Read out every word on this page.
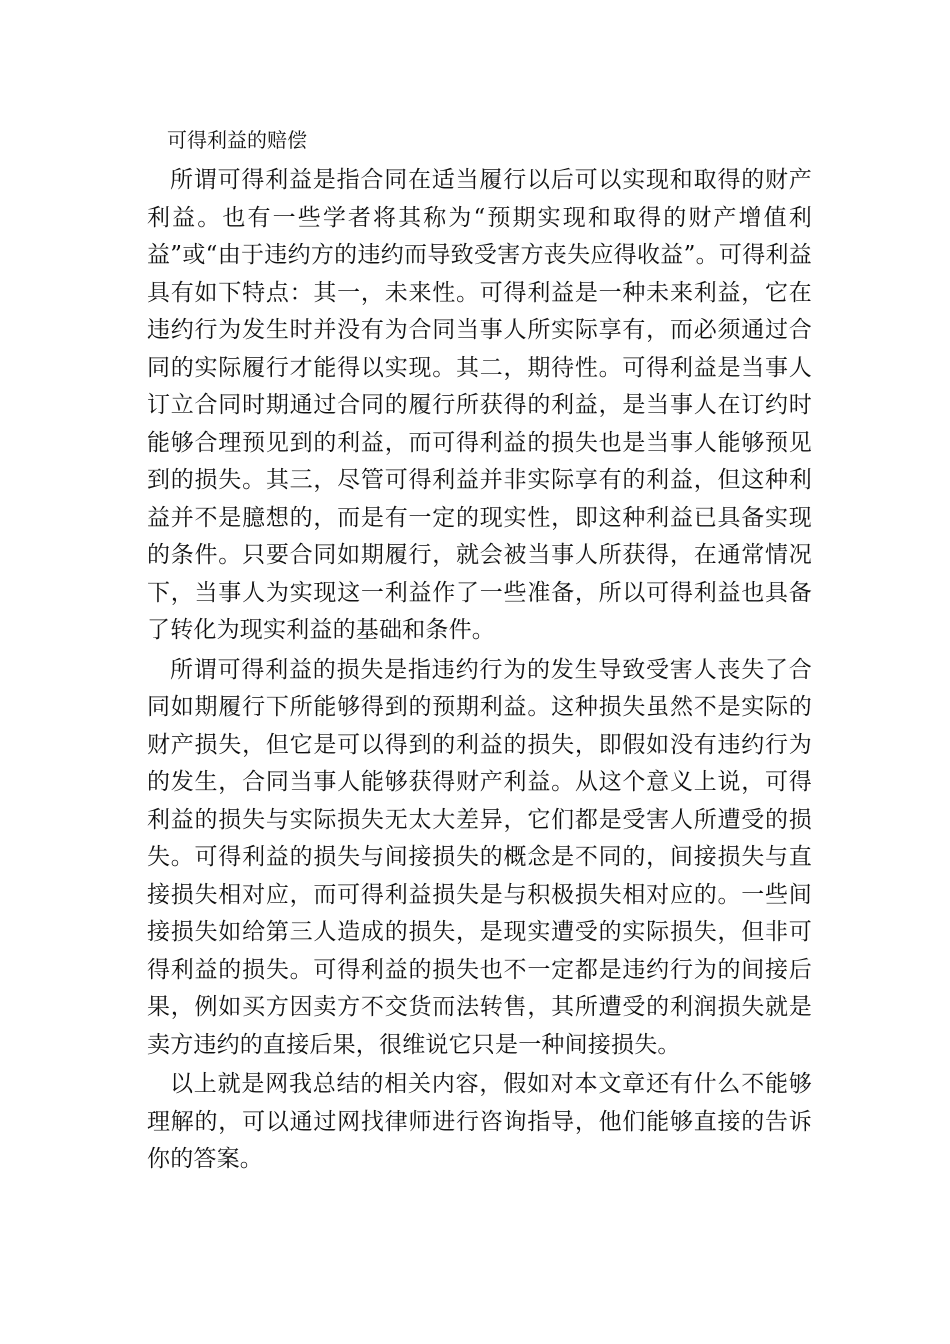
可得利益的赔偿

所谓可得利益是指合同在适当履行以后可以实现和取得的财产利益。也有一些学者将其称为“预期实现和取得的财产增值利益”或“由于违约方的违约而导致受害方丧失应得收益”。可得利益具有如下特点：其一，未来性。可得利益是一种未来利益，它在违约行为发生时并没有为合同当事人所实际享有，而必须通过合同的实际履行才能得以实现。其二，期待性。可得利益是当事人订立合同时期通过合同的履行所获得的利益，是当事人在订约时能够合理预见到的利益，而可得利益的损失也是当事人能够预见到的损失。其三，尽管可得利益并非实际享有的利益，但这种利益并不是臆想的，而是有一定的现实性，即这种利益已具备实现的条件。只要合同如期履行，就会被当事人所获得，在通常情况下，当事人为实现这一利益作了一些准备，所以可得利益也具备了转化为现实利益的基础和条件。

所谓可得利益的损失是指违约行为的发生导致受害人丧失了合同如期履行下所能够得到的预期利益。这种损失虽然不是实际的财产损失，但它是可以得到的利益的损失，即假如没有违约行为的发生，合同当事人能够获得财产利益。从这个意义上说，可得利益的损失与实际损失无太大差异，它们都是受害人所遭受的损失。可得利益的损失与间接损失的概念是不同的，间接损失与直接损失相对应，而可得利益损失是与积极损失相对应的。一些间接损失如给第三人造成的损失，是现实遭受的实际损失，但非可得利益的损失。可得利益的损失也不一定都是违约行为的间接后果，例如买方因卖方不交货而法转售，其所遭受的利润损失就是卖方违约的直接后果，很维说它只是一种间接损失。

以上就是网我总结的相关内容，假如对本文章还有什么不能够理解的，可以通过网找律师进行咨询指导，他们能够直接的告诉你的答案。
